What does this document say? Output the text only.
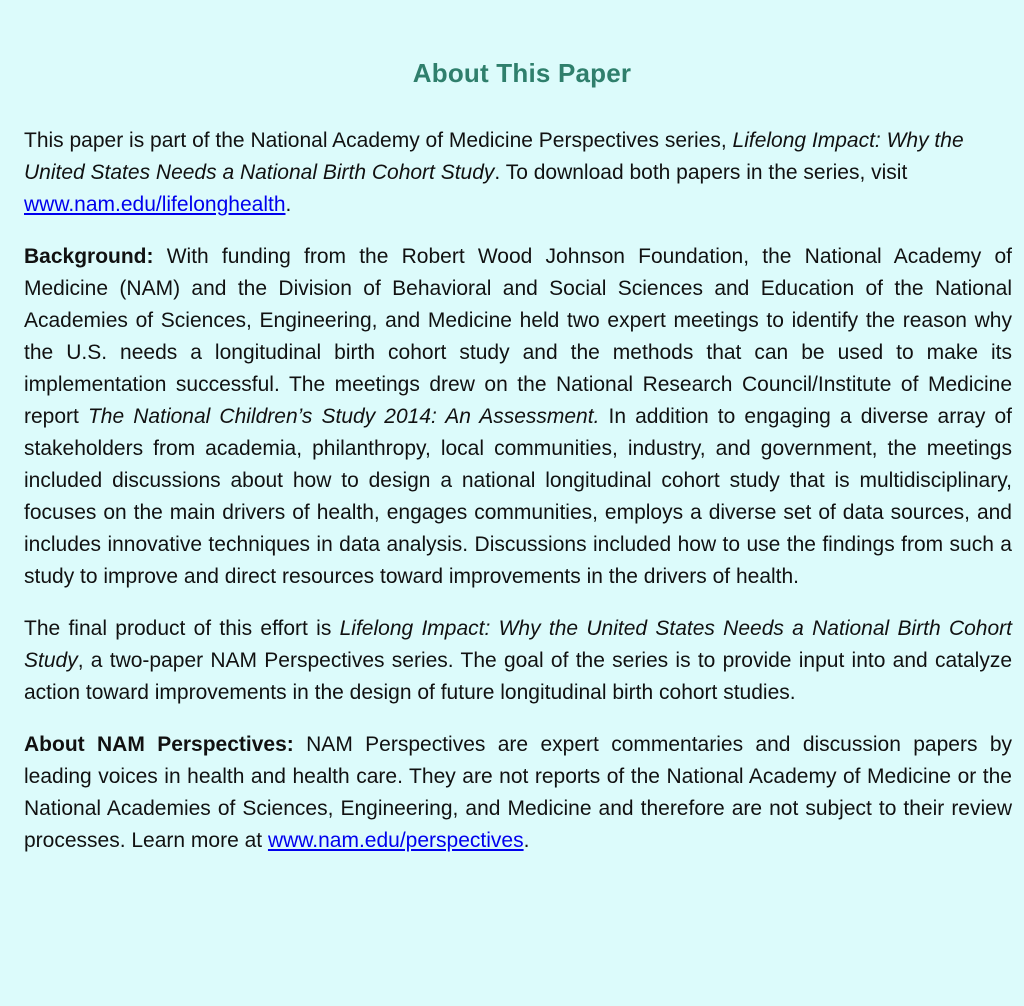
About This Paper

This paper is part of the National Academy of Medicine Perspectives series, Lifelong Impact: Why the United States Needs a National Birth Cohort Study. To download both papers in the series, visit www.nam.edu/lifelonghealth.

Background: With funding from the Robert Wood Johnson Foundation, the National Academy of Medicine (NAM) and the Division of Behavioral and Social Sciences and Education of the National Academies of Sciences, Engineering, and Medicine held two expert meetings to identify the reason why the U.S. needs a longitudinal birth cohort study and the methods that can be used to make its implementation successful. The meetings drew on the National Research Council/Institute of Medicine report The National Children’s Study 2014: An Assessment. In addition to engaging a diverse array of stakeholders from academia, philanthropy, local communities, industry, and government, the meetings included discussions about how to design a national longitudinal cohort study that is multidisciplinary, focuses on the main drivers of health, engages communities, employs a diverse set of data sources, and includes innovative techniques in data analysis. Discussions included how to use the findings from such a study to improve and direct resources toward improvements in the drivers of health.

The final product of this effort is Lifelong Impact: Why the United States Needs a National Birth Cohort Study, a two-paper NAM Perspectives series. The goal of the series is to provide input into and catalyze action toward improvements in the design of future longitudinal birth cohort studies.

About NAM Perspectives: NAM Perspectives are expert commentaries and discussion papers by leading voices in health and health care. They are not reports of the National Academy of Medicine or the National Academies of Sciences, Engineering, and Medicine and therefore are not subject to their review processes. Learn more at www.nam.edu/perspectives.
